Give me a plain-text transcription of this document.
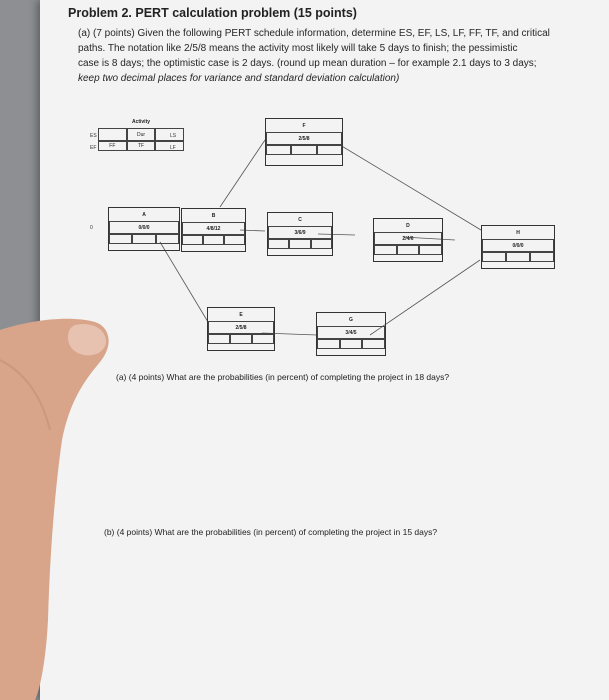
Problem 2. PERT calculation problem (15 points)
(a) (7 points) Given the following PERT schedule information, determine ES, EF, LS, LF, FF, TF, and critical
paths. The notation like 2/5/8 means the activity most likely will take 5 days to finish; the pessimistic
case is 8 days; the optimistic case is 2 days. (round up mean duration – for example 2.1 days to 3 days;
keep two decimal places for variance and standard deviation calculation)
Activity
Dur
FF	TF
ES
EF
LS
LF
F
2/5/8
A
0/0/0
0
B
4/8/12
C
3/6/9
D
2/4/6
H
0/0/0
E
2/5/8
G
3/4/5
(a) (4 points) What are the probabilities (in percent) of completing the project in 18 days?
(b) (4 points) What are the probabilities (in percent) of completing the project in 15 days?
